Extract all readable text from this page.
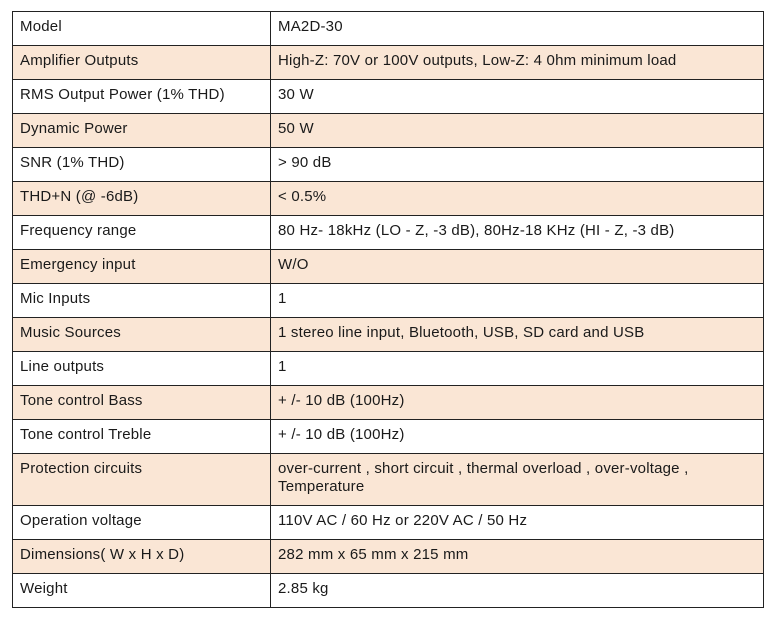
Model	MA2D-30
Amplifier Outputs	High-Z: 70V or 100V outputs, Low-Z: 4 0hm minimum load
RMS Output Power (1% THD)	30 W
Dynamic Power	50 W
SNR (1% THD)	> 90 dB
THD+N (@ -6dB)	< 0.5%
Frequency range	80 Hz- 18kHz (LO - Z, -3 dB), 80Hz-18 KHz (HI - Z, -3 dB)
Emergency input	W/O
Mic Inputs	1
Music Sources	1 stereo line input, Bluetooth, USB, SD card and USB
Line outputs	1
Tone control Bass	+ /- 10 dB (100Hz)
Tone control Treble	+ /- 10 dB (100Hz)
Protection circuits	over-current , short circuit , thermal overload , over-voltage , Temperature
Operation voltage	110V AC / 60 Hz or 220V AC / 50 Hz
Dimensions( W x H x D)	282 mm x 65 mm x 215 mm
Weight	2.85 kg
